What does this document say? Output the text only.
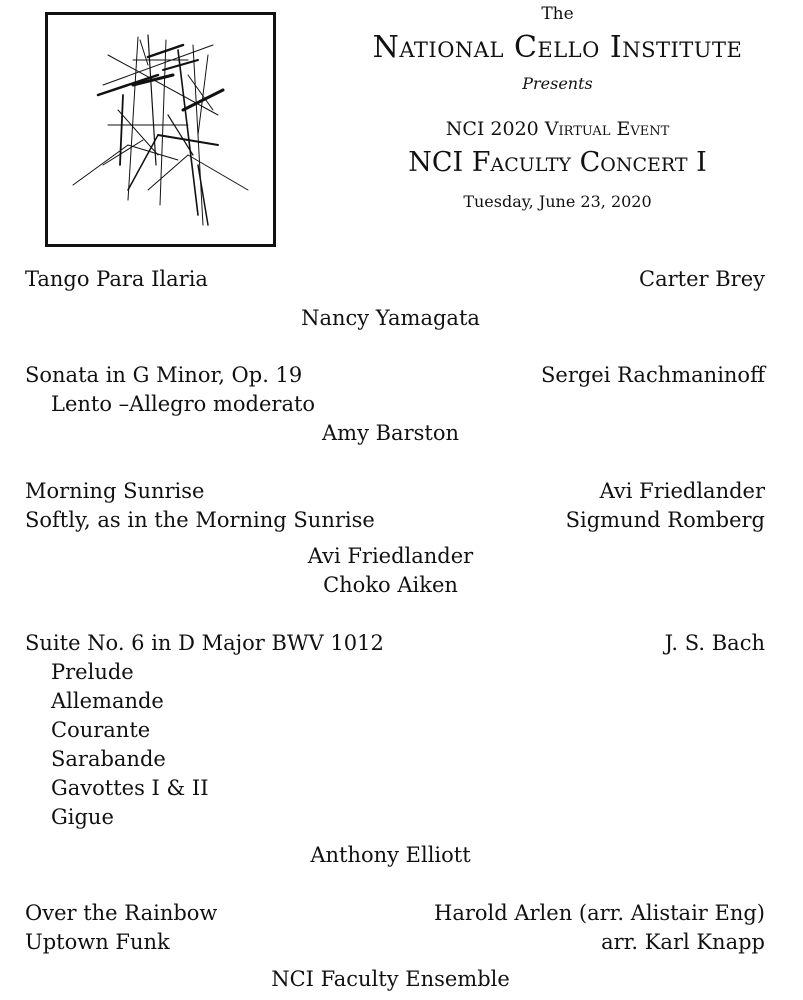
The
National Cello Institute
Presents
NCI 2020 Virtual Event
NCI Faculty Concert I
Tuesday, June 23, 2020
Tango Para Ilaria	Carter Brey
Nancy Yamagata
Sonata in G Minor, Op. 19	Sergei Rachmaninoff
Lento –Allegro moderato
Amy Barston
Morning Sunrise	Avi Friedlander
Softly, as in the Morning Sunrise	Sigmund Romberg
Avi Friedlander
Choko Aiken
Suite No. 6 in D Major BWV 1012	J. S. Bach
Prelude
Allemande
Courante
Sarabande
Gavottes I & II
Gigue
Anthony Elliott
Over the Rainbow	Harold Arlen (arr. Alistair Eng)
Uptown Funk	arr. Karl Knapp
NCI Faculty Ensemble
